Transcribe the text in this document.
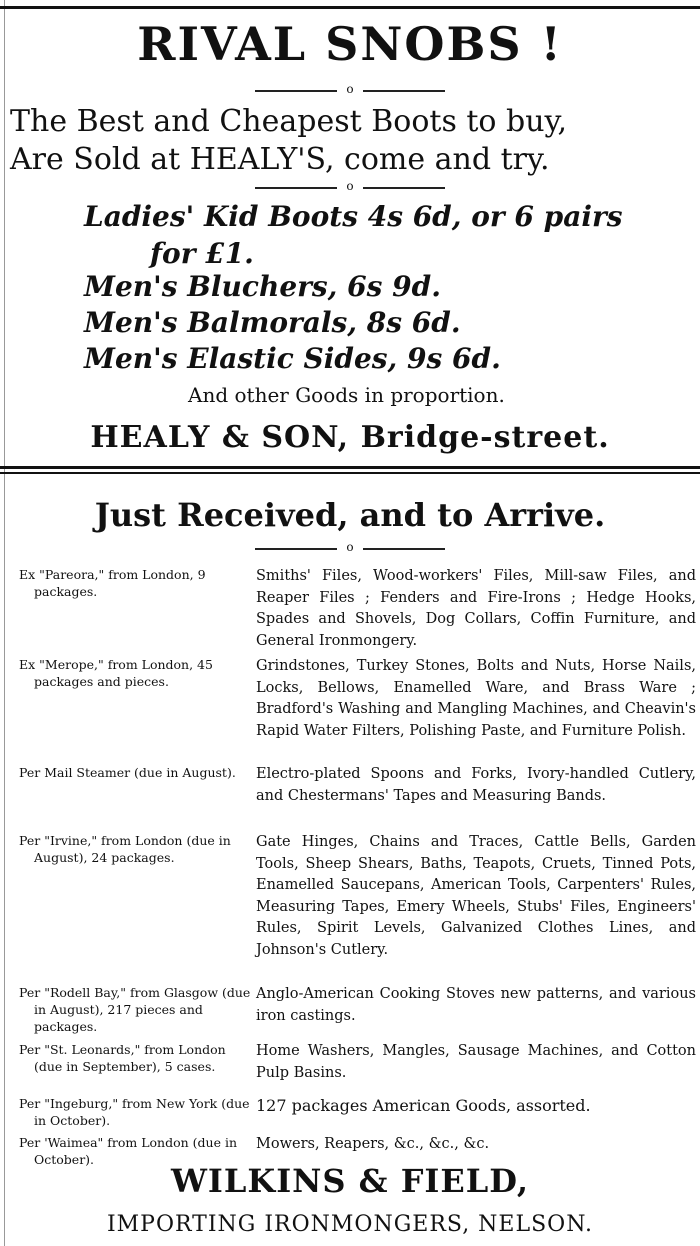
RIVAL SNOBS !
o
The Best and Cheapest Boots to buy,
Are Sold at HEALY'S, come and try.
o
Ladies' Kid Boots 4s 6d, or 6 pairs
for £1.
Men's Bluchers, 6s 9d.
Men's Balmorals, 8s 6d.
Men's Elastic Sides, 9s 6d.
And other Goods in proportion.
HEALY & SON, Bridge-street.
Just Received, and to Arrive.
o
Ex "Pareora," from London, 9 packages.
Smiths' Files, Wood-workers' Files, Mill-saw Files, and Reaper Files ; Fenders and Fire-Irons ; Hedge Hooks, Spades and Shovels, Dog Collars, Coffin Furniture, and General Ironmongery.
Ex "Merope," from London, 45 packages and pieces.
Grindstones, Turkey Stones, Bolts and Nuts, Horse Nails, Locks, Bellows, Enamelled Ware, and Brass Ware ; Bradford's Washing and Mangling Machines, and Cheavin's Rapid Water Filters, Polishing Paste, and Furniture Polish.
Per Mail Steamer (due in August).	Electro-plated Spoons and Forks, Ivory-handled Cutlery, and Chestermans' Tapes and Measuring Bands.
Per "Irvine," from London (due in August), 24 packages.
Gate Hinges, Chains and Traces, Cattle Bells, Garden Tools, Sheep Shears, Baths, Teapots, Cruets, Tinned Pots, Enamelled Saucepans, American Tools, Carpenters' Rules, Measuring Tapes, Emery Wheels, Stubs' Files, Engineers' Rules, Spirit Levels, Galvanized Clothes Lines, and Johnson's Cutlery.
Per "Rodell Bay," from Glasgow (due in August), 217 pieces and packages.
Anglo-American Cooking Stoves new patterns, and various iron castings.
Per "St. Leonards," from London (due in September), 5 cases.
Home Washers, Mangles, Sausage Machines, and Cotton Pulp Basins.
Per "Ingeburg," from New York (due in October).
127 packages American Goods, assorted.
Per 'Waimea" from London (due in October).
Mowers, Reapers, &c., &c., &c.
WILKINS & FIELD,
IMPORTING IRONMONGERS, NELSON.
